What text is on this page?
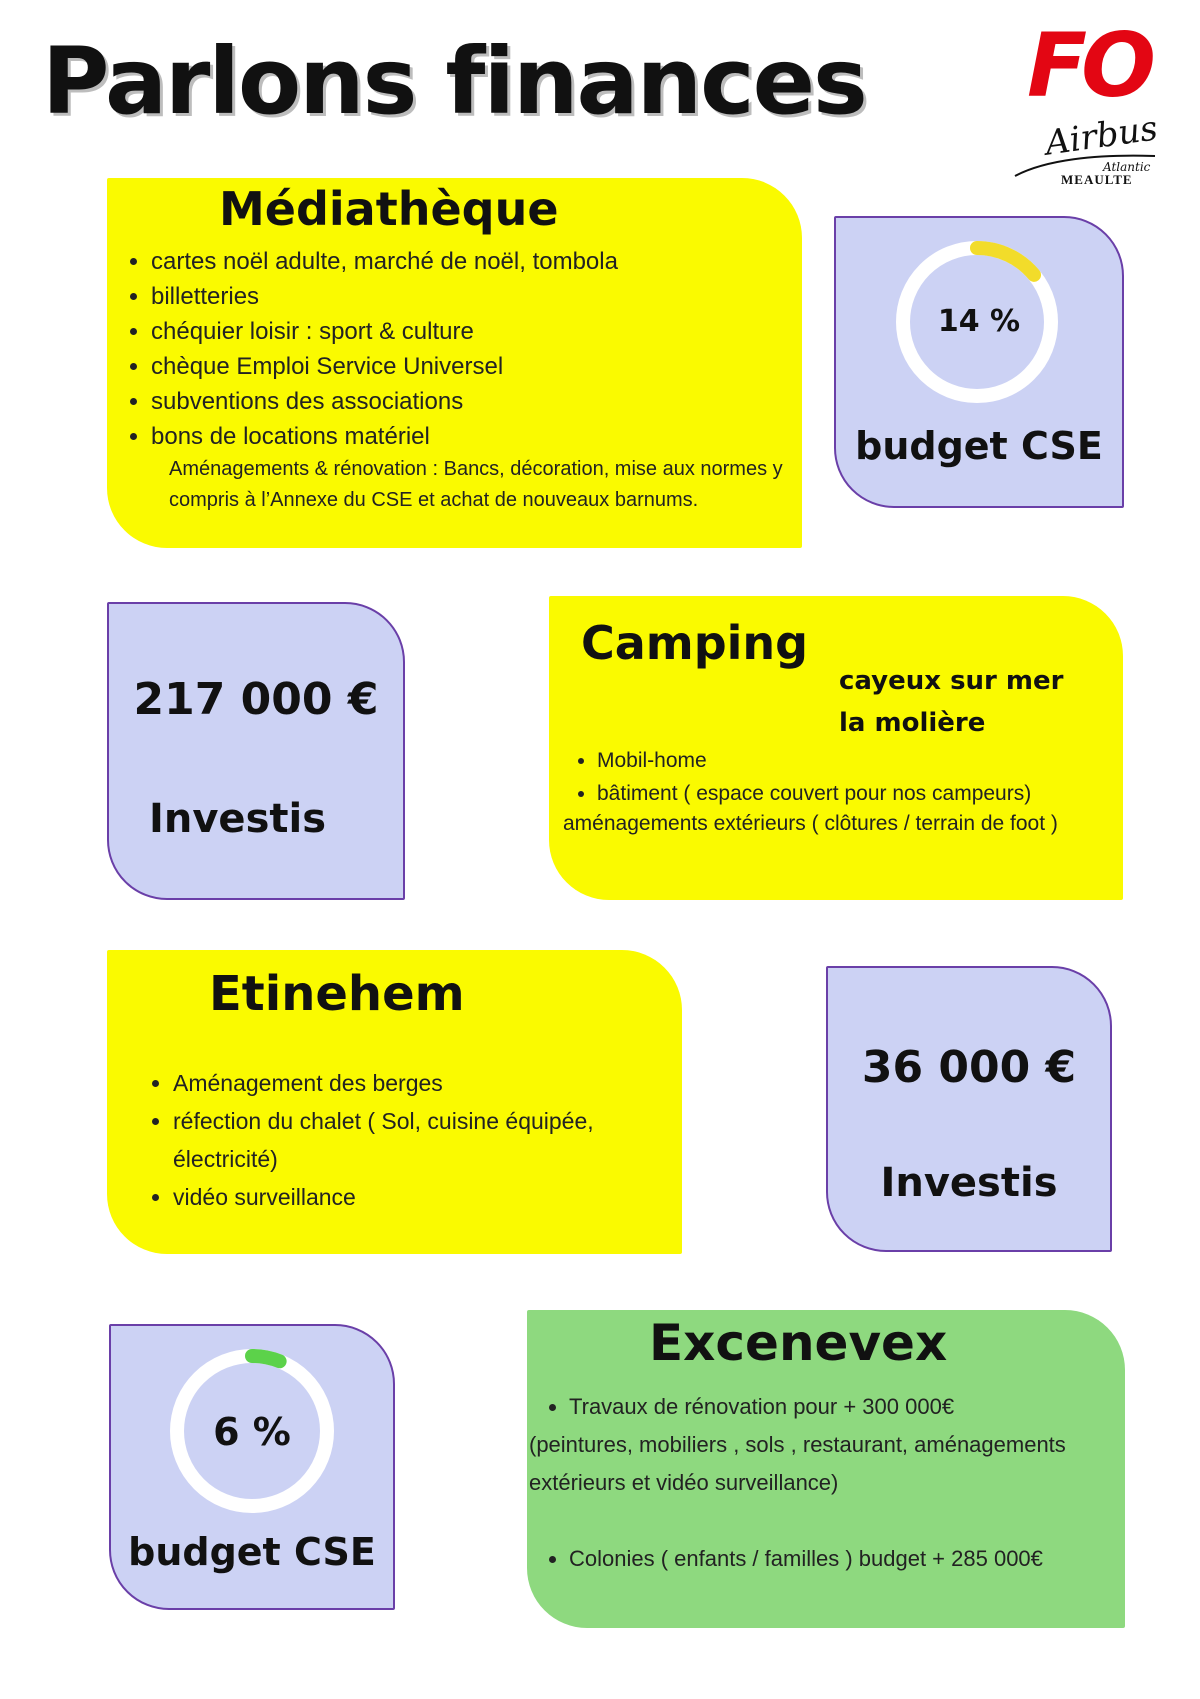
Parlons finances FO
Airbus
Atlantic
MEAULTE
Médiathèque
• cartes noël adulte, marché de noël, tombola
• billetteries
• chéquier loisir : sport & culture
• chèque Emploi Service Universel
• subventions des associations
• bons de locations matériel
Aménagements & rénovation : Bancs, décoration, mise aux normes y compris à l’Annexe du CSE et achat de nouveaux barnums.
14 %
budget CSE
217 000 €
Investis
Camping
cayeux sur mer
la molière
• Mobil-home
• bâtiment ( espace couvert pour nos campeurs)
aménagements extérieurs ( clôtures / terrain de foot )
Etinehem
• Aménagement des berges
• réfection du chalet ( Sol, cuisine équipée, électricité)
• vidéo surveillance
36 000 €
Investis
6 %
budget CSE
Excenevex
• Travaux de rénovation pour + 300 000€
(peintures, mobiliers , sols , restaurant, aménagements extérieurs et vidéo surveillance)
• Colonies ( enfants / familles ) budget + 285 000€
